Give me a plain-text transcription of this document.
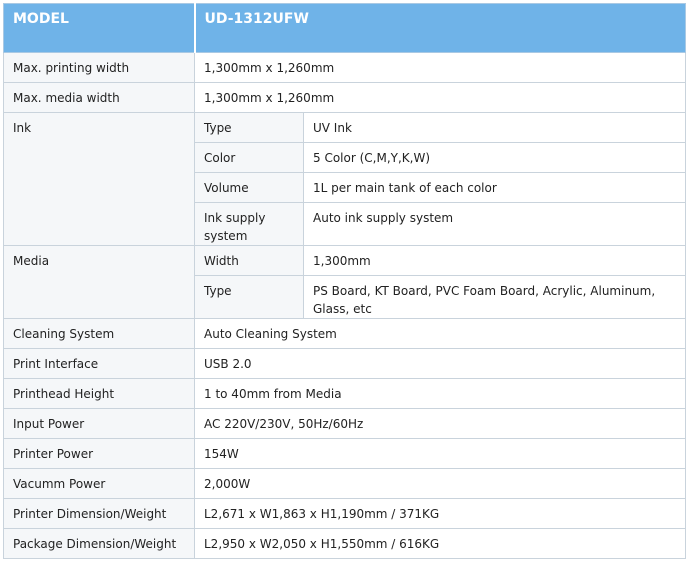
MODEL	UD-1312UFW	
Max. printing width	1,300mm x 1,260mm	
Max. media width	1,300mm x 1,260mm	
Ink	Type	UV Ink
	Color	5 Color (C,M,Y,K,W)
	Volume	1L per main tank of each color
	Ink supply system	Auto ink supply system
Media	Width	1,300mm
	Type	PS Board, KT Board, PVC Foam Board, Acrylic, Aluminum, Glass, etc
Cleaning System	Auto Cleaning System	
Print Interface	USB 2.0	
Printhead Height	1 to 40mm from Media	
Input Power	AC 220V/230V, 50Hz/60Hz	
Printer Power	154W	
Vacumm Power	2,000W	
Printer Dimension/Weight	L2,671 x W1,863 x H1,190mm / 371KG	
Package Dimension/Weight	L2,950 x W2,050 x H1,550mm / 616KG	
